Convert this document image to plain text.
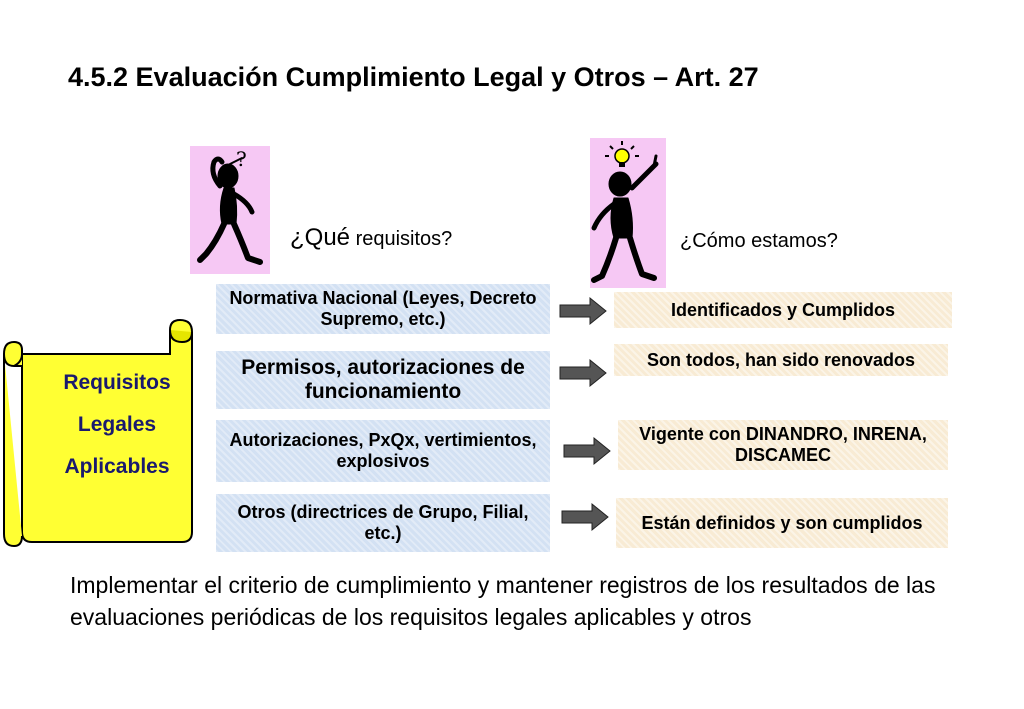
4.5.2 Evaluación Cumplimiento Legal y Otros – Art. 27
?
¿Qué requisitos?	¿Cómo estamos?
Requisitos
Legales
Aplicables
Normativa Nacional (Leyes, Decreto Supremo, etc.)
Permisos, autorizaciones de funcionamiento
Autorizaciones, PxQx, vertimientos, explosivos
Otros (directrices de Grupo, Filial, etc.)
Identificados y Cumplidos
Son todos, han sido renovados
Vigente con DINANDRO, INRENA, DISCAMEC
Están definidos y son cumplidos
Implementar el criterio de cumplimiento y mantener registros de los resultados de las evaluaciones periódicas de los requisitos legales aplicables y otros
